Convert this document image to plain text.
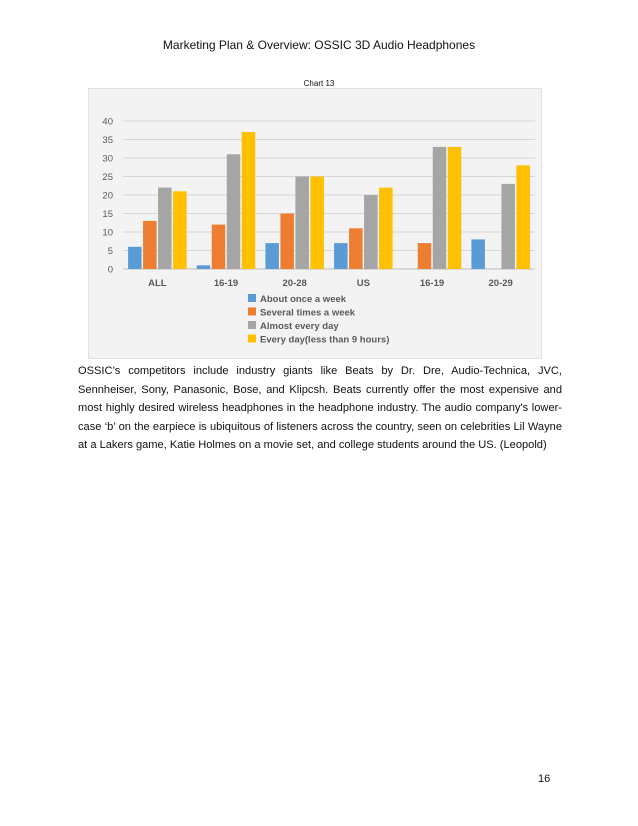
Marketing Plan & Overview: OSSIC 3D Audio Headphones
Chart 13
0
5
10
15
20
25
30
35
40
ALL	16-19	20-28	US	16-19	20-29
About once a week
Several times a week
Almost every day
Every day(less than 9 hours)
OSSIC’s competitors include industry giants like Beats by Dr. Dre, Audio-Technica, JVC, Sennheiser, Sony, Panasonic, Bose, and Klipcsh. Beats currently offer the most expensive and most highly desired wireless headphones in the headphone industry. The audio company's lower-case ‘b’ on the earpiece is ubiquitous of listeners across the country, seen on celebrities Lil Wayne at a Lakers game, Katie Holmes on a movie set, and college students around the US. (Leopold)
16
